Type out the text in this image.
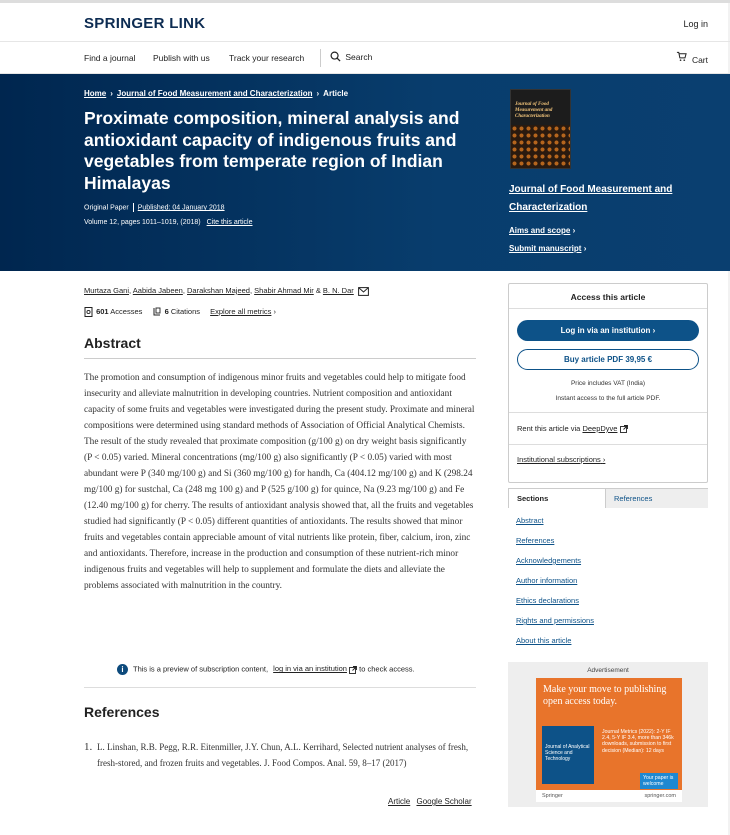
SPRINGER LINK	Log in
Find a journal Publish with us Track your research	Search	Cart
Home › Journal of Food Measurement and Characterization › Article
Proximate composition, mineral analysis and antioxidant capacity of indigenous fruits and vegetables from temperate region of Indian Himalayas
Original Paper Published: 04 January 2018
Volume 12, pages 1011–1019, (2018) Cite this article
Journal of Food Measurement and Characterization
Journal of Food Measurement and Characterization
Aims and scope ›
Submit manuscript ›
Murtaza Gani, Aabida Jabeen, Darakshan Majeed, Shabir Ahmad Mir & B. N. Dar
601 Accesses	6 Citations Explore all metrics ›
Abstract

The promotion and consumption of indigenous minor fruits and vegetables could help to mitigate food insecurity and alleviate malnutrition in developing countries. Nutrient composition and antioxidant capacity of some fruits and vegetables were investigated during the present study. Proximate and mineral compositions were determined using standard methods of Association of Official Analytical Chemists. The result of the study revealed that proximate composition (g/100 g) on dry weight basis significantly (P < 0.05) varied. Mineral concentrations (mg/100 g) also significantly (P < 0.05) varied with most abundant were P (340 mg/100 g) and Si (360 mg/100 g) for handh, Ca (404.12 mg/100 g) and K (298.24 mg/100 g) for sustchal, Ca (248 mg 100 g) and P (525 g/100 g) for quince, Na (9.23 mg/100 g) and Fe (12.40 mg/100 g) for cherry. The results of antioxidant analysis showed that, all the fruits and vegetables studied had significantly (P < 0.05) different quantities of antioxidants. The results showed that minor fruits and vegetables contain appreciable amount of vital nutrients like protein, fiber, calcium, iron, zinc and antioxidants. Therefore, increase in the production and consumption of these nutrient-rich minor indigenous fruits and vegetables will help to supplement and formulate the diets and alleviate the problems associated with malnutrition in the country.

i This is a preview of subscription content, log in via an institution to check access.
References
1. L. Linshan, R.B. Pegg, R.R. Eitenmiller, J.Y. Chun, A.L. Kerrihard, Selected nutrient analyses of fresh, fresh-stored, and frozen fruits and vegetables. J. Food Compos. Anal. 59, 8–17 (2017)
Article Google Scholar
Access this article
Log in via an institution ›
Buy article PDF 39,95 €
Price includes VAT (India)
Instant access to the full article PDF.
Rent this article via DeepDyve
Institutional subscriptions ›
Sections	References
Abstract
References
Acknowledgements
Author information
Ethics declarations
Rights and permissions
About this article
Advertisement
Make your move to publishing open access today.
Journal of Analytical Science and Technology
Journal Metrics (2022): 2-Y IF 2.4, 5-Y IF 3.4, more than 346k downloads, submission to first decision (Median): 12 days
Your paper is welcome
Springer	springer.com
